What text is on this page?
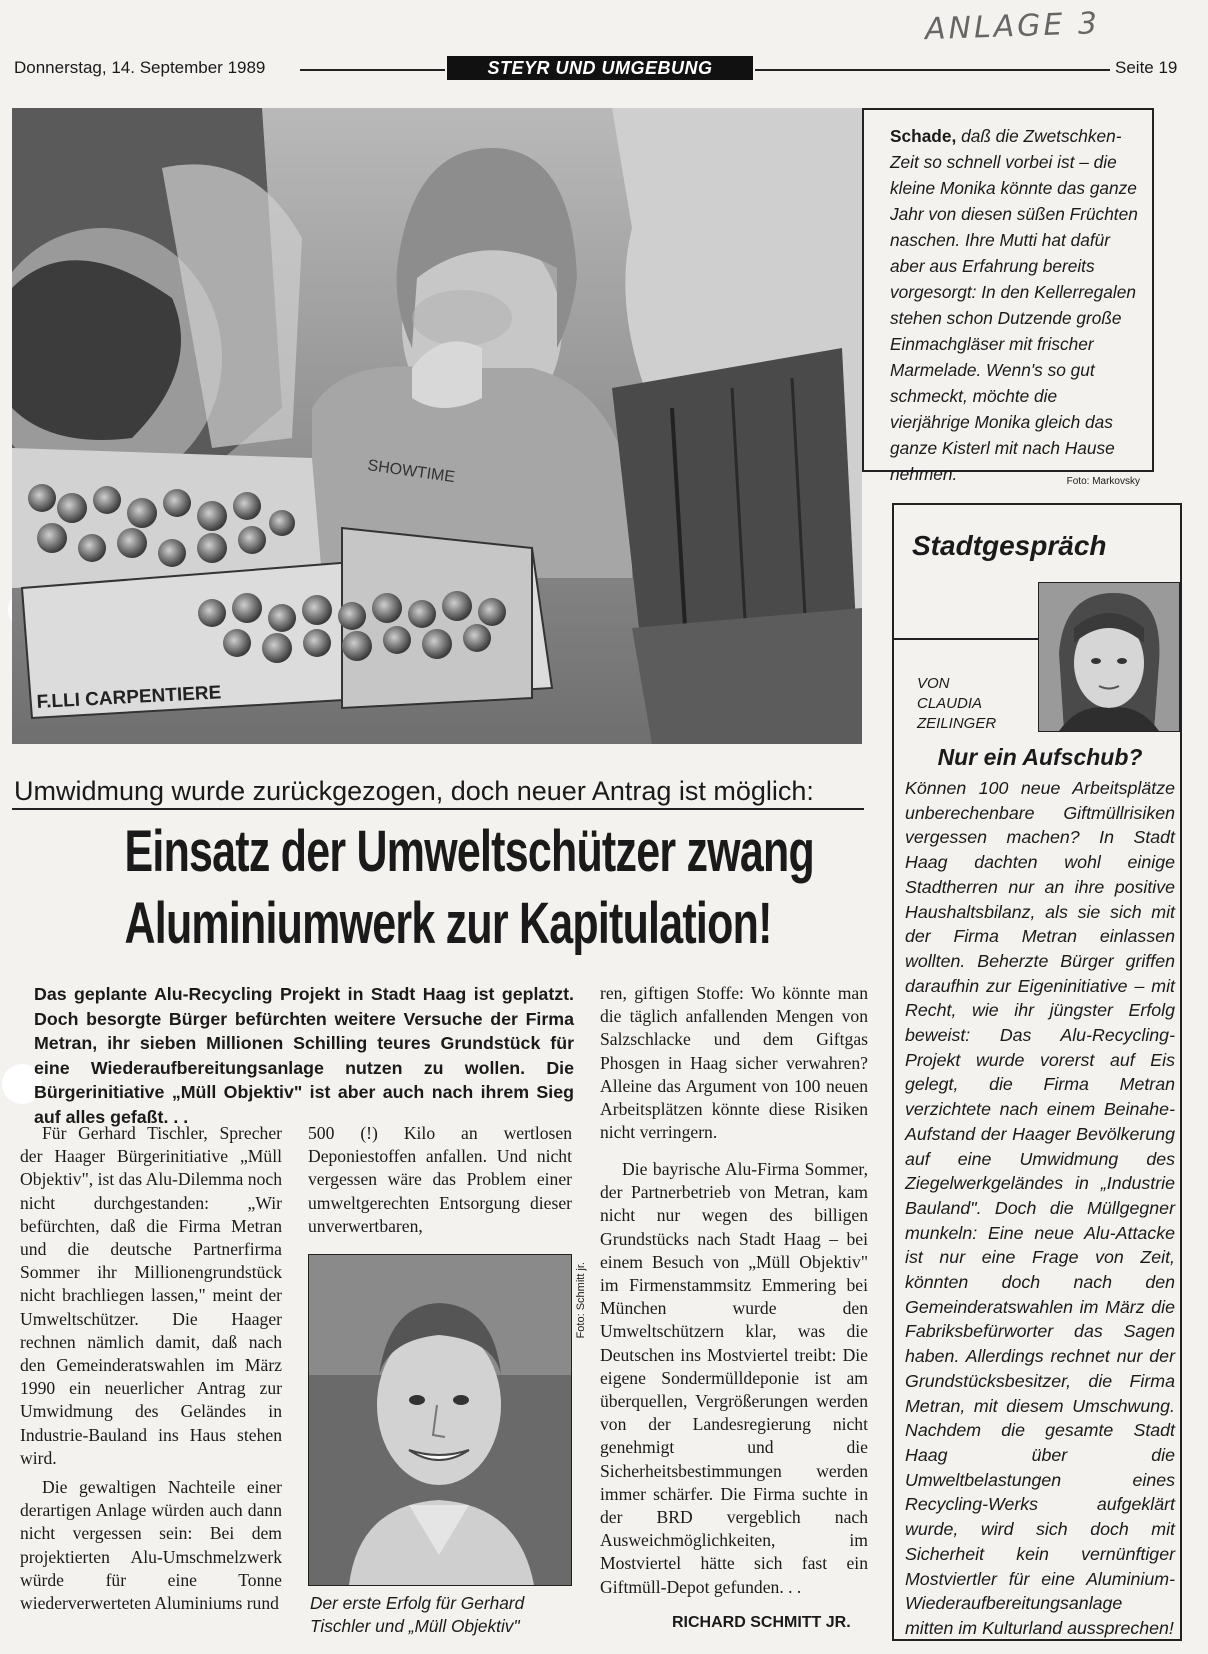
ANLAGE 3
Donnerstag, 14. September 1989	STEYR UND UMGEBUNG	Seite 19
SHOWTIME
F.LLI CARPENTIERE
Schade, daß die Zwetschken-Zeit so schnell vorbei ist – die kleine Monika könnte das ganze Jahr von diesen süßen Früchten naschen. Ihre Mutti hat dafür aber aus Erfahrung bereits vorgesorgt: In den Kellerregalen stehen schon Dutzende große Einmachgläser mit frischer Marmelade. Wenn's so gut schmeckt, möchte die vierjährige Monika gleich das ganze Kisterl mit nach Hause nehmen.	Foto: Markovsky
Stadtgespräch
VON
CLAUDIA
ZEILINGER
Nur ein Aufschub?
Können 100 neue Arbeitsplätze unberechenbare Giftmüllrisiken vergessen machen? In Stadt Haag dachten wohl einige Stadtherren nur an ihre positive Haushaltsbilanz, als sie sich mit der Firma Metran einlassen wollten. Beherzte Bürger griffen daraufhin zur Eigeninitiative – mit Recht, wie ihr jüngster Erfolg beweist: Das Alu-Recycling-Projekt wurde vorerst auf Eis gelegt, die Firma Metran verzichtete nach einem Beinahe-Aufstand der Haager Bevölkerung auf eine Umwidmung des Ziegelwerkgeländes in „Industrie Bauland". Doch die Müllgegner munkeln: Eine neue Alu-Attacke ist nur eine Frage von Zeit, könnten doch nach den Gemeinderatswahlen im März die Fabriksbefürworter das Sagen haben. Allerdings rechnet nur der Grundstücksbesitzer, die Firma Metran, mit diesem Umschwung. Nachdem die gesamte Stadt Haag über die Umweltbelastungen eines Recycling-Werks aufgeklärt wurde, wird sich doch mit Sicherheit kein vernünftiger Mostviertler für eine Aluminium-Wiederaufbereitungsanlage mitten im Kulturland aussprechen!
Umwidmung wurde zurückgezogen, doch neuer Antrag ist möglich:
Einsatz der Umweltschützer zwang
Aluminiumwerk zur Kapitulation!
Das geplante Alu-Recycling Projekt in Stadt Haag ist geplatzt. Doch besorgte Bürger befürchten weitere Versuche der Firma Metran, ihr sieben Millionen Schilling teures Grundstück für eine Wiederaufbereitungsanlage nutzen zu wollen. Die Bürgerinitiative „Müll Objektiv" ist aber auch nach ihrem Sieg auf alles gefaßt. . .

Für Gerhard Tischler, Sprecher der Haager Bürgerinitiative „Müll Objektiv", ist das Alu-Dilemma noch nicht durchgestanden: „Wir befürchten, daß die Firma Metran und die deutsche Partnerfirma Sommer ihr Millionengrundstück nicht brachliegen lassen," meint der Umweltschützer. Die Haager rechnen nämlich damit, daß nach den Gemeinderatswahlen im März 1990 ein neuerlicher Antrag zur Umwidmung des Geländes in Industrie-Bauland ins Haus stehen wird.

Die gewaltigen Nachteile einer derartigen Anlage würden auch dann nicht vergessen sein: Bei dem projektierten Alu-Umschmelzwerk würde für eine Tonne wiederverwerteten Aluminiums rund

500 (!) Kilo an wertlosen Deponiestoffen anfallen. Und nicht vergessen wäre das Problem einer umweltgerechten Entsorgung dieser unverwertbaren,

ren, giftigen Stoffe: Wo könnte man die täglich anfallenden Mengen von Salzschlacke und dem Giftgas Phosgen in Haag sicher verwahren? Alleine das Argument von 100 neuen Arbeitsplätzen könnte diese Risiken nicht verringern.

Die bayrische Alu-Firma Sommer, der Partnerbetrieb von Metran, kam nicht nur wegen des billigen Grundstücks nach Stadt Haag – bei einem Besuch von „Müll Objektiv" im Firmenstammsitz Emmering bei München wurde den Umweltschützern klar, was die Deutschen ins Mostviertel treibt: Die eigene Sondermülldeponie ist am überquellen, Vergrößerungen werden von der Landesregierung nicht genehmigt und die Sicherheitsbestimmungen werden immer schärfer. Die Firma suchte in der BRD vergeblich nach Ausweichmöglichkeiten, im Mostviertel hätte sich fast ein Giftmüll-Depot gefunden. . .

RICHARD SCHMITT JR.
Foto: Schmitt jr.
Der erste Erfolg für Gerhard Tischler und „Müll Objektiv"
